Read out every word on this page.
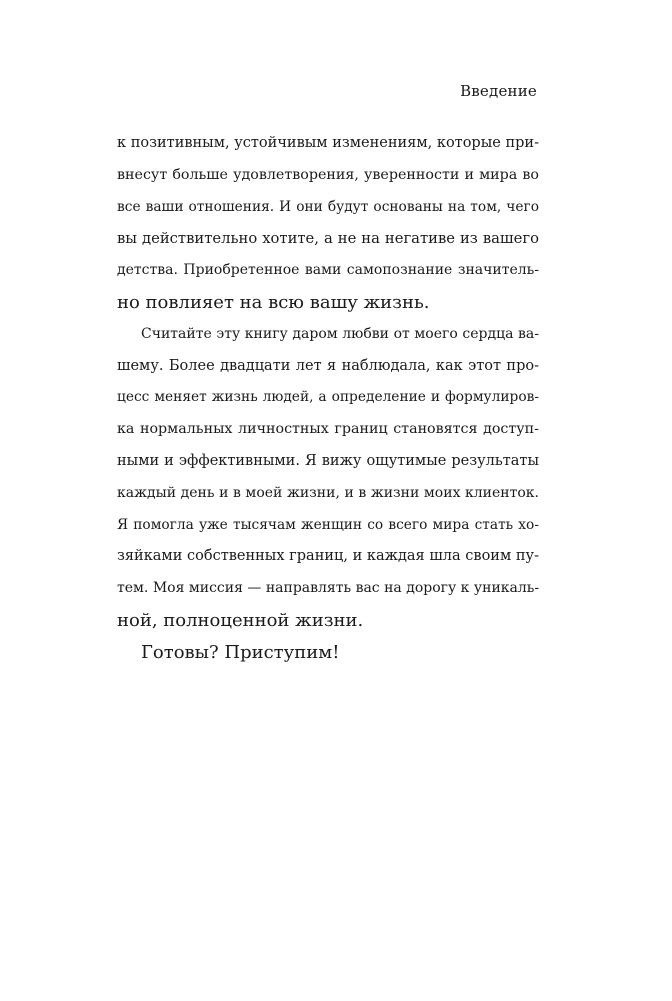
Введение
к позитивным, устойчивым изменениям, которые при-
внесут больше удовлетворения, уверенности и мира во
все ваши отношения. И они будут основаны на том, чего
вы действительно хотите, а не на негативе из вашего
детства. Приобретенное вами самопознание значитель-
но повлияет на всю вашу жизнь.
Считайте эту книгу даром любви от моего сердца ва-
шему. Более двадцати лет я наблюдала, как этот про-
цесс меняет жизнь людей, а определение и формулиров-
ка нормальных личностных границ становятся доступ-
ными и эффективными. Я вижу ощутимые результаты
каждый день и в моей жизни, и в жизни моих клиенток.
Я помогла уже тысячам женщин со всего мира стать хо-
зяйками собственных границ, и каждая шла своим пу-
тем. Моя миссия — направлять вас на дорогу к уникаль-
ной, полноценной жизни.
Готовы? Приступим!
